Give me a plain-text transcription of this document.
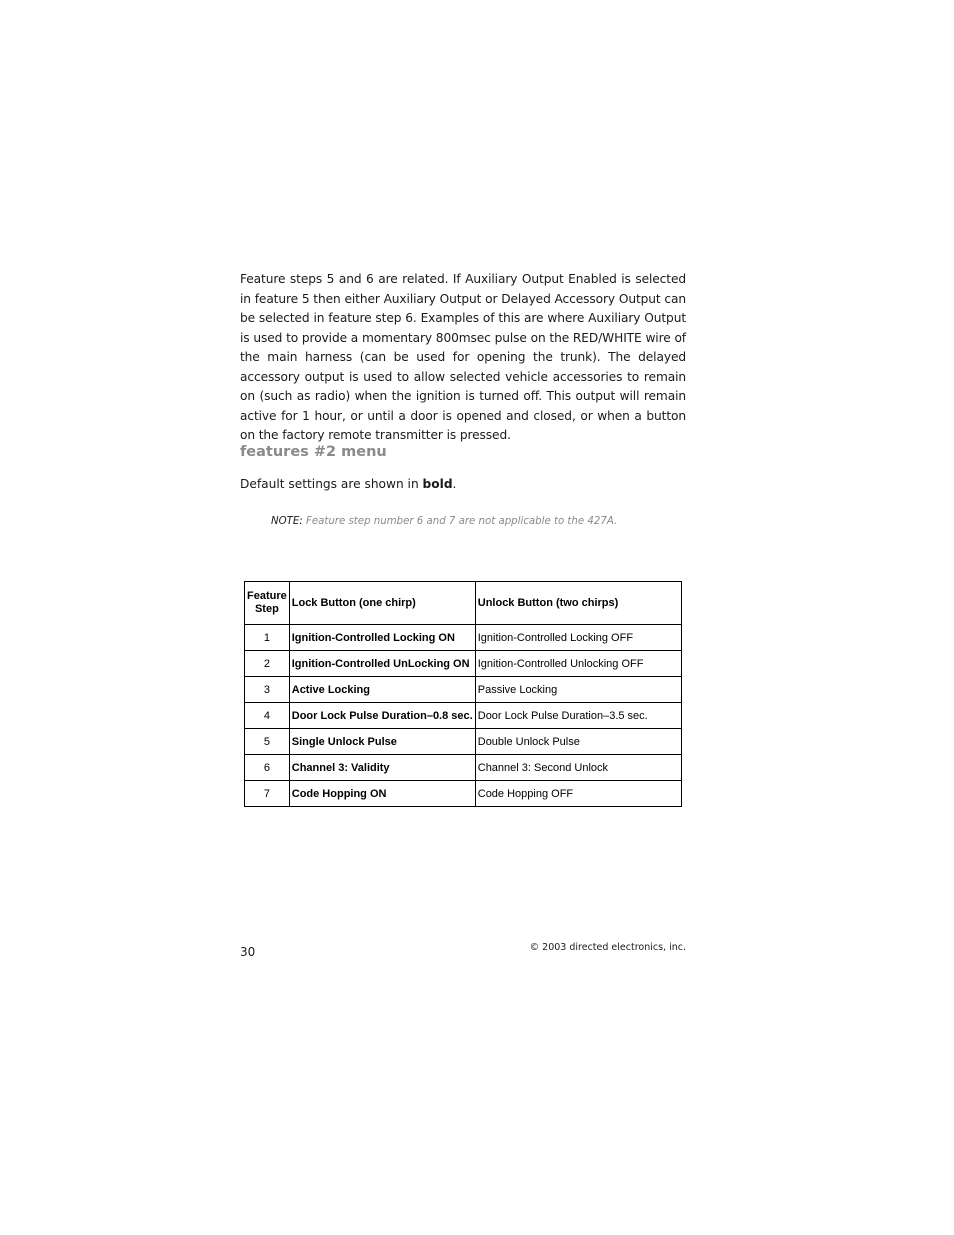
Feature steps 5 and 6 are related. If Auxiliary Output Enabled is selected in feature 5 then either Auxiliary Output or Delayed Accessory Output can be selected in feature step 6. Examples of this are where Auxiliary Output is used to provide a momentary 800msec pulse on the RED/WHITE wire of the main harness (can be used for opening the trunk). The delayed accessory output is used to allow selected vehicle accessories to remain on (such as radio) when the ignition is turned off. This output will remain active for 1 hour, or until a door is opened and closed, or when a button on the factory remote transmitter is pressed.

features #2 menu

Default settings are shown in bold.

NOTE: Feature step number 6 and 7 are not applicable to the 427A.

Feature Step	Lock Button (one chirp)	Unlock Button (two chirps)
1	Ignition-Controlled Locking ON	Ignition-Controlled Locking OFF
2	Ignition-Controlled UnLocking ON	Ignition-Controlled Unlocking OFF
3	Active Locking	Passive Locking
4	Door Lock Pulse Duration–0.8 sec.	Door Lock Pulse Duration–3.5 sec.
5	Single Unlock Pulse	Double Unlock Pulse
6	Channel 3: Validity	Channel 3: Second Unlock
7	Code Hopping ON	Code Hopping OFF

30	© 2003 directed electronics, inc.
